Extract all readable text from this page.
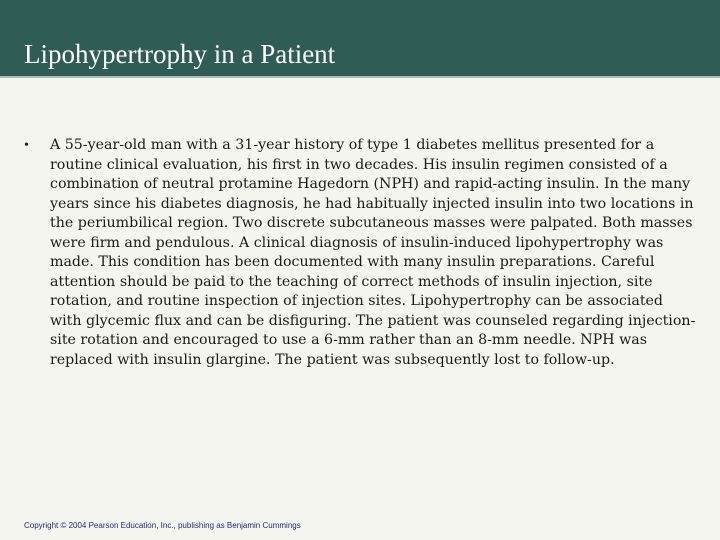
Lipohypertrophy in a Patient
• A 55-year-old man with a 31-year history of type 1 diabetes mellitus presented for a routine clinical evaluation, his first in two decades. His insulin regimen consisted of a combination of neutral protamine Hagedorn (NPH) and rapid-acting insulin. In the many years since his diabetes diagnosis, he had habitually injected insulin into two locations in the periumbilical region. Two discrete subcutaneous masses were palpated. Both masses were firm and pendulous. A clinical diagnosis of insulin-induced lipohypertrophy was made. This condition has been documented with many insulin preparations. Careful attention should be paid to the teaching of correct methods of insulin injection, site rotation, and routine inspection of injection sites. Lipohypertrophy can be associated with glycemic flux and can be disfiguring. The patient was counseled regarding injection-site rotation and encouraged to use a 6-mm rather than an 8-mm needle. NPH was replaced with insulin glargine. The patient was subsequently lost to follow-up.
Copyright © 2004 Pearson Education, Inc., publishing as Benjamin Cummings
